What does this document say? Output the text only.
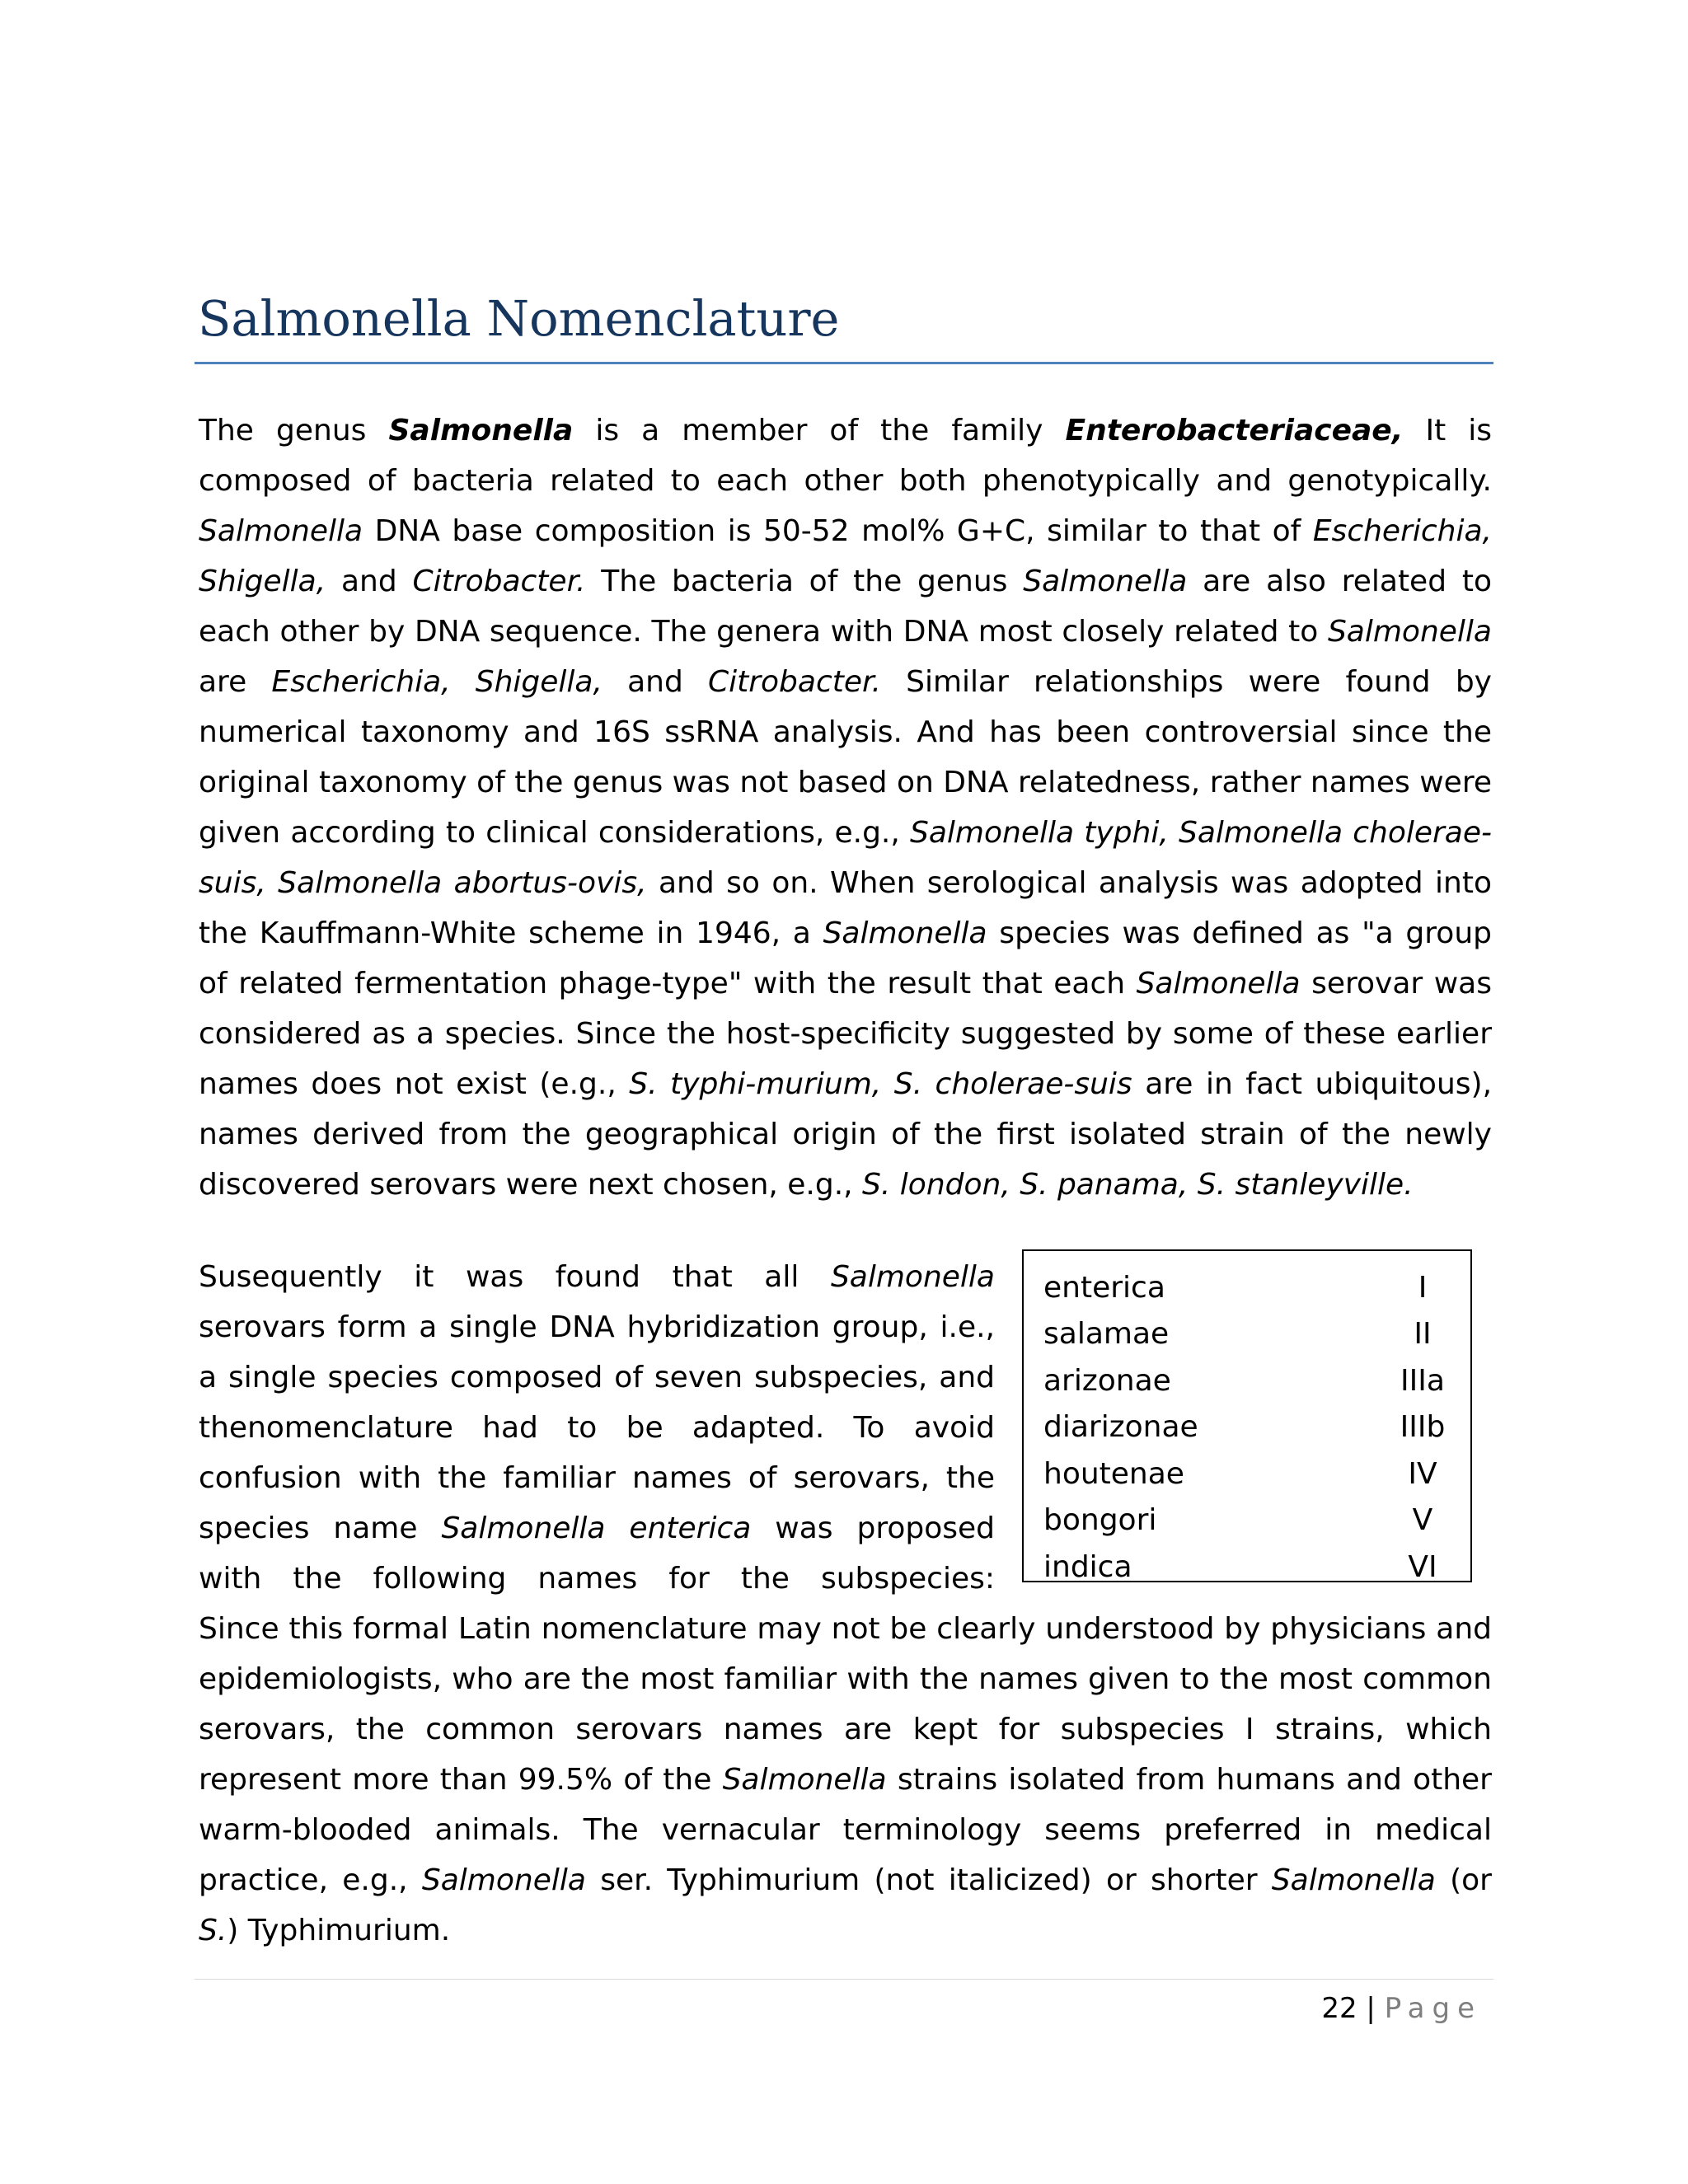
Salmonella Nomenclature

The genus Salmonella is a member of the family Enterobacteriaceae, It is composed of bacteria related to each other both phenotypically and genotypically. Salmonella DNA base composition is 50-52 mol% G+C, similar to that of Escherichia, Shigella, and Citrobacter. The bacteria of the genus Salmonella are also related to each other by DNA sequence. The genera with DNA most closely related to Salmonella are Escherichia, Shigella, and Citrobacter. Similar relationships were found by numerical taxonomy and 16S ssRNA analysis. And has been controversial since the original taxonomy of the genus was not based on DNA relatedness, rather names were given according to clinical considerations, e.g., Salmonella typhi, Salmonella cholerae-suis, Salmonella abortus-ovis, and so on. When serological analysis was adopted into the Kauffmann-White scheme in 1946, a Salmonella species was defined as "a group of related fermentation phage-type" with the result that each Salmonella serovar was considered as a species. Since the host-specificity suggested by some of these earlier names does not exist (e.g., S. typhi-murium, S. cholerae-suis are in fact ubiquitous), names derived from the geographical origin of the first isolated strain of the newly discovered serovars were next chosen, e.g., S. london, S. panama, S. stanleyville.

Susequently it was found that all Salmonella serovars form a single DNA hybridization group, i.e., a single species composed of seven subspecies, and thenomenclature had to be adapted. To avoid confusion with the familiar names of serovars, the species name Salmonella enterica was proposed with the following names for the subspecies:

enterica	I
salamae	II
arizonae	IIIa
diarizonae	IIIb
houtenae	IV
bongori	V
indica	VI

Since this formal Latin nomenclature may not be clearly understood by physicians and epidemiologists, who are the most familiar with the names given to the most common serovars, the common serovars names are kept for subspecies I strains, which represent more than 99.5% of the Salmonella strains isolated from humans and other warm-blooded animals. The vernacular terminology seems preferred in medical practice, e.g., Salmonella ser. Typhimurium (not italicized) or shorter Salmonella (or S.) Typhimurium.

22 | Page
